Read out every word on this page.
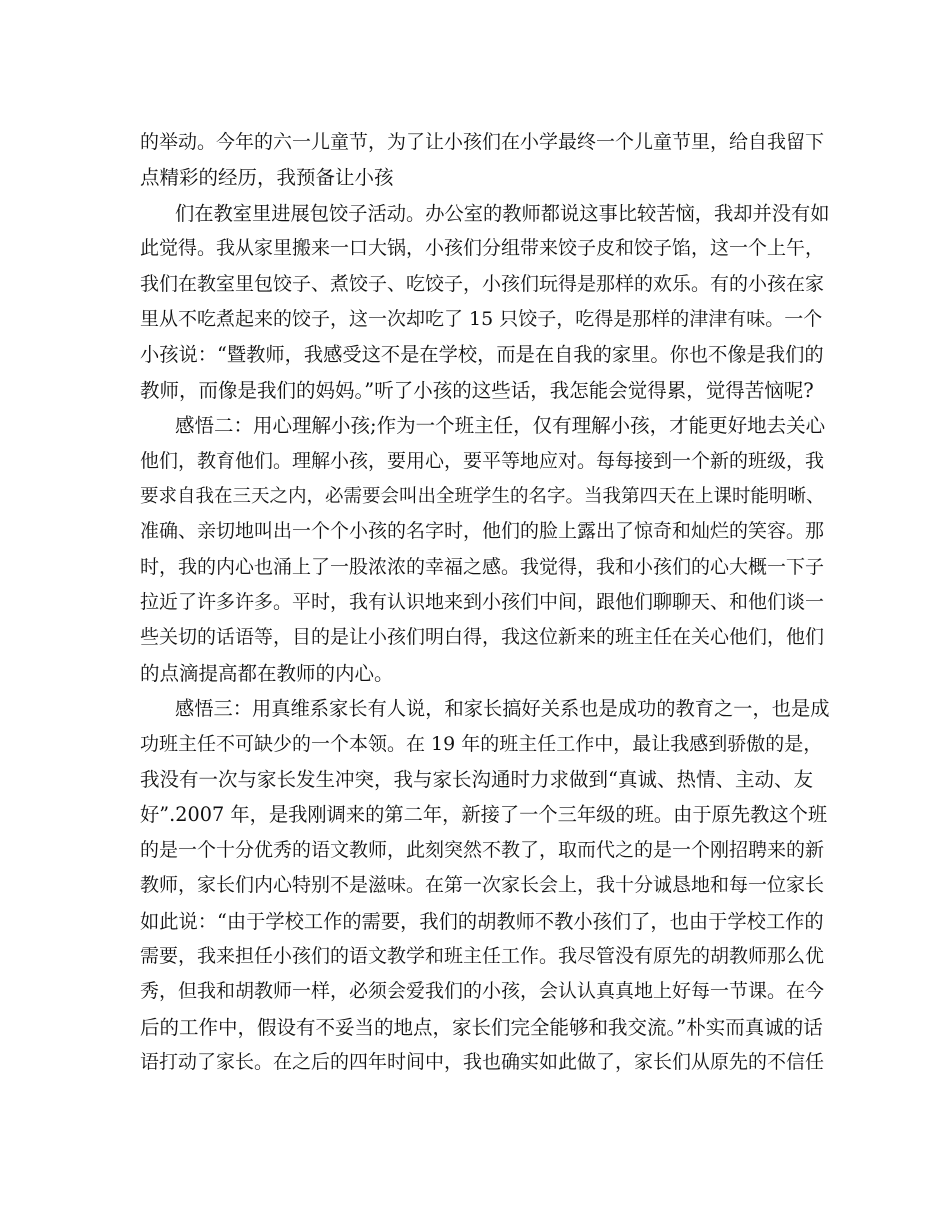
的举动。今年的六一儿童节，为了让小孩们在小学最终一个儿童节里，给自我留下
点精彩的经历，我预备让小孩
们在教室里进展包饺子活动。办公室的教师都说这事比较苦恼，我却并没有如
此觉得。我从家里搬来一口大锅，小孩们分组带来饺子皮和饺子馅，这一个上午，
我们在教室里包饺子、煮饺子、吃饺子，小孩们玩得是那样的欢乐。有的小孩在家
里从不吃煮起来的饺子，这一次却吃了 15 只饺子，吃得是那样的津津有味。一个
小孩说：“暨教师，我感受这不是在学校，而是在自我的家里。你也不像是我们的
教师，而像是我们的妈妈。”听了小孩的这些话，我怎能会觉得累，觉得苦恼呢?
感悟二：用心理解小孩;作为一个班主任，仅有理解小孩，才能更好地去关心
他们，教育他们。理解小孩，要用心，要平等地应对。每每接到一个新的班级，我
要求自我在三天之内，必需要会叫出全班学生的名字。当我第四天在上课时能明晰、
准确、亲切地叫出一个个小孩的名字时，他们的脸上露出了惊奇和灿烂的笑容。那
时，我的内心也涌上了一股浓浓的幸福之感。我觉得，我和小孩们的心大概一下子
拉近了许多许多。平时，我有认识地来到小孩们中间，跟他们聊聊天、和他们谈一
些关切的话语等，目的是让小孩们明白得，我这位新来的班主任在关心他们，他们
的点滴提高都在教师的内心。
感悟三：用真维系家长有人说，和家长搞好关系也是成功的教育之一，也是成
功班主任不可缺少的一个本领。在 19 年的班主任工作中，最让我感到骄傲的是，
我没有一次与家长发生冲突，我与家长沟通时力求做到“真诚、热情、主动、友
好”.2007 年，是我刚调来的第二年，新接了一个三年级的班。由于原先教这个班
的是一个十分优秀的语文教师，此刻突然不教了，取而代之的是一个刚招聘来的新
教师，家长们内心特别不是滋味。在第一次家长会上，我十分诚恳地和每一位家长
如此说：“由于学校工作的需要，我们的胡教师不教小孩们了，也由于学校工作的
需要，我来担任小孩们的语文教学和班主任工作。我尽管没有原先的胡教师那么优
秀，但我和胡教师一样，必须会爱我们的小孩，会认认真真地上好每一节课。在今
后的工作中，假设有不妥当的地点，家长们完全能够和我交流。”朴实而真诚的话
语打动了家长。在之后的四年时间中，我也确实如此做了，家长们从原先的不信任
